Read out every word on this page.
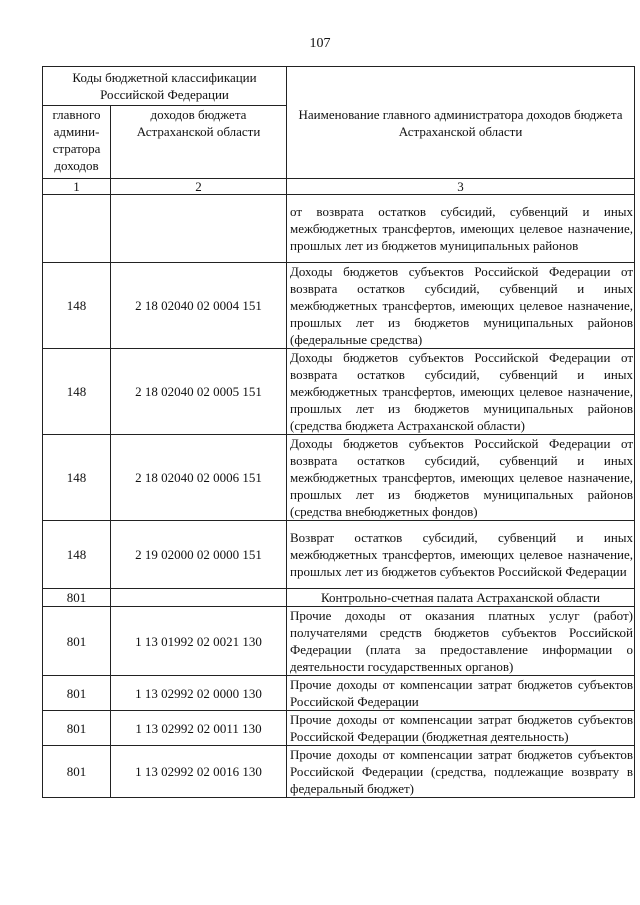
107
Коды бюджетной классификации Российской Федерации		Наименование главного администратора доходов бюджета Астраханской области
главного админи-стратора доходов	доходов бюджета Астраханской области	
1	2	3
		от возврата остатков субсидий, субвенций и иных межбюджетных трансфертов, имеющих целевое назначение, прошлых лет из бюджетов муниципальных районов
148	2 18 02040 02 0004 151	Доходы бюджетов субъектов Российской Федерации от возврата остатков субсидий, субвенций и иных межбюджетных трансфертов, имеющих целевое назначение, прошлых лет из бюджетов муниципальных районов (федеральные средства)
148	2 18 02040 02 0005 151	Доходы бюджетов субъектов Российской Федерации от возврата остатков субсидий, субвенций и иных межбюджетных трансфертов, имеющих целевое назначение, прошлых лет из бюджетов муниципальных районов (средства бюджета Астраханской области)
148	2 18 02040 02 0006 151	Доходы бюджетов субъектов Российской Федерации от возврата остатков субсидий, субвенций и иных межбюджетных трансфертов, имеющих целевое назначение, прошлых лет из бюджетов муниципальных районов (средства внебюджетных фондов)
148	2 19 02000 02 0000 151	Возврат остатков субсидий, субвенций и иных межбюджетных трансфертов, имеющих целевое назначение, прошлых лет из бюджетов субъектов Российской Федерации
801		Контрольно-счетная палата Астраханской области
801	1 13 01992 02 0021 130	Прочие доходы от оказания платных услуг (работ) получателями средств бюджетов субъектов Российской Федерации (плата за предоставление информации о деятельности государственных органов)
801	1 13 02992 02 0000 130	Прочие доходы от компенсации затрат бюджетов субъектов Российской Федерации
801	1 13 02992 02 0011 130	Прочие доходы от компенсации затрат бюджетов субъектов Российской Федерации (бюджетная деятельность)
801	1 13 02992 02 0016 130	Прочие доходы от компенсации затрат бюджетов субъектов Российской Федерации (средства, подлежащие возврату в федеральный бюджет)
